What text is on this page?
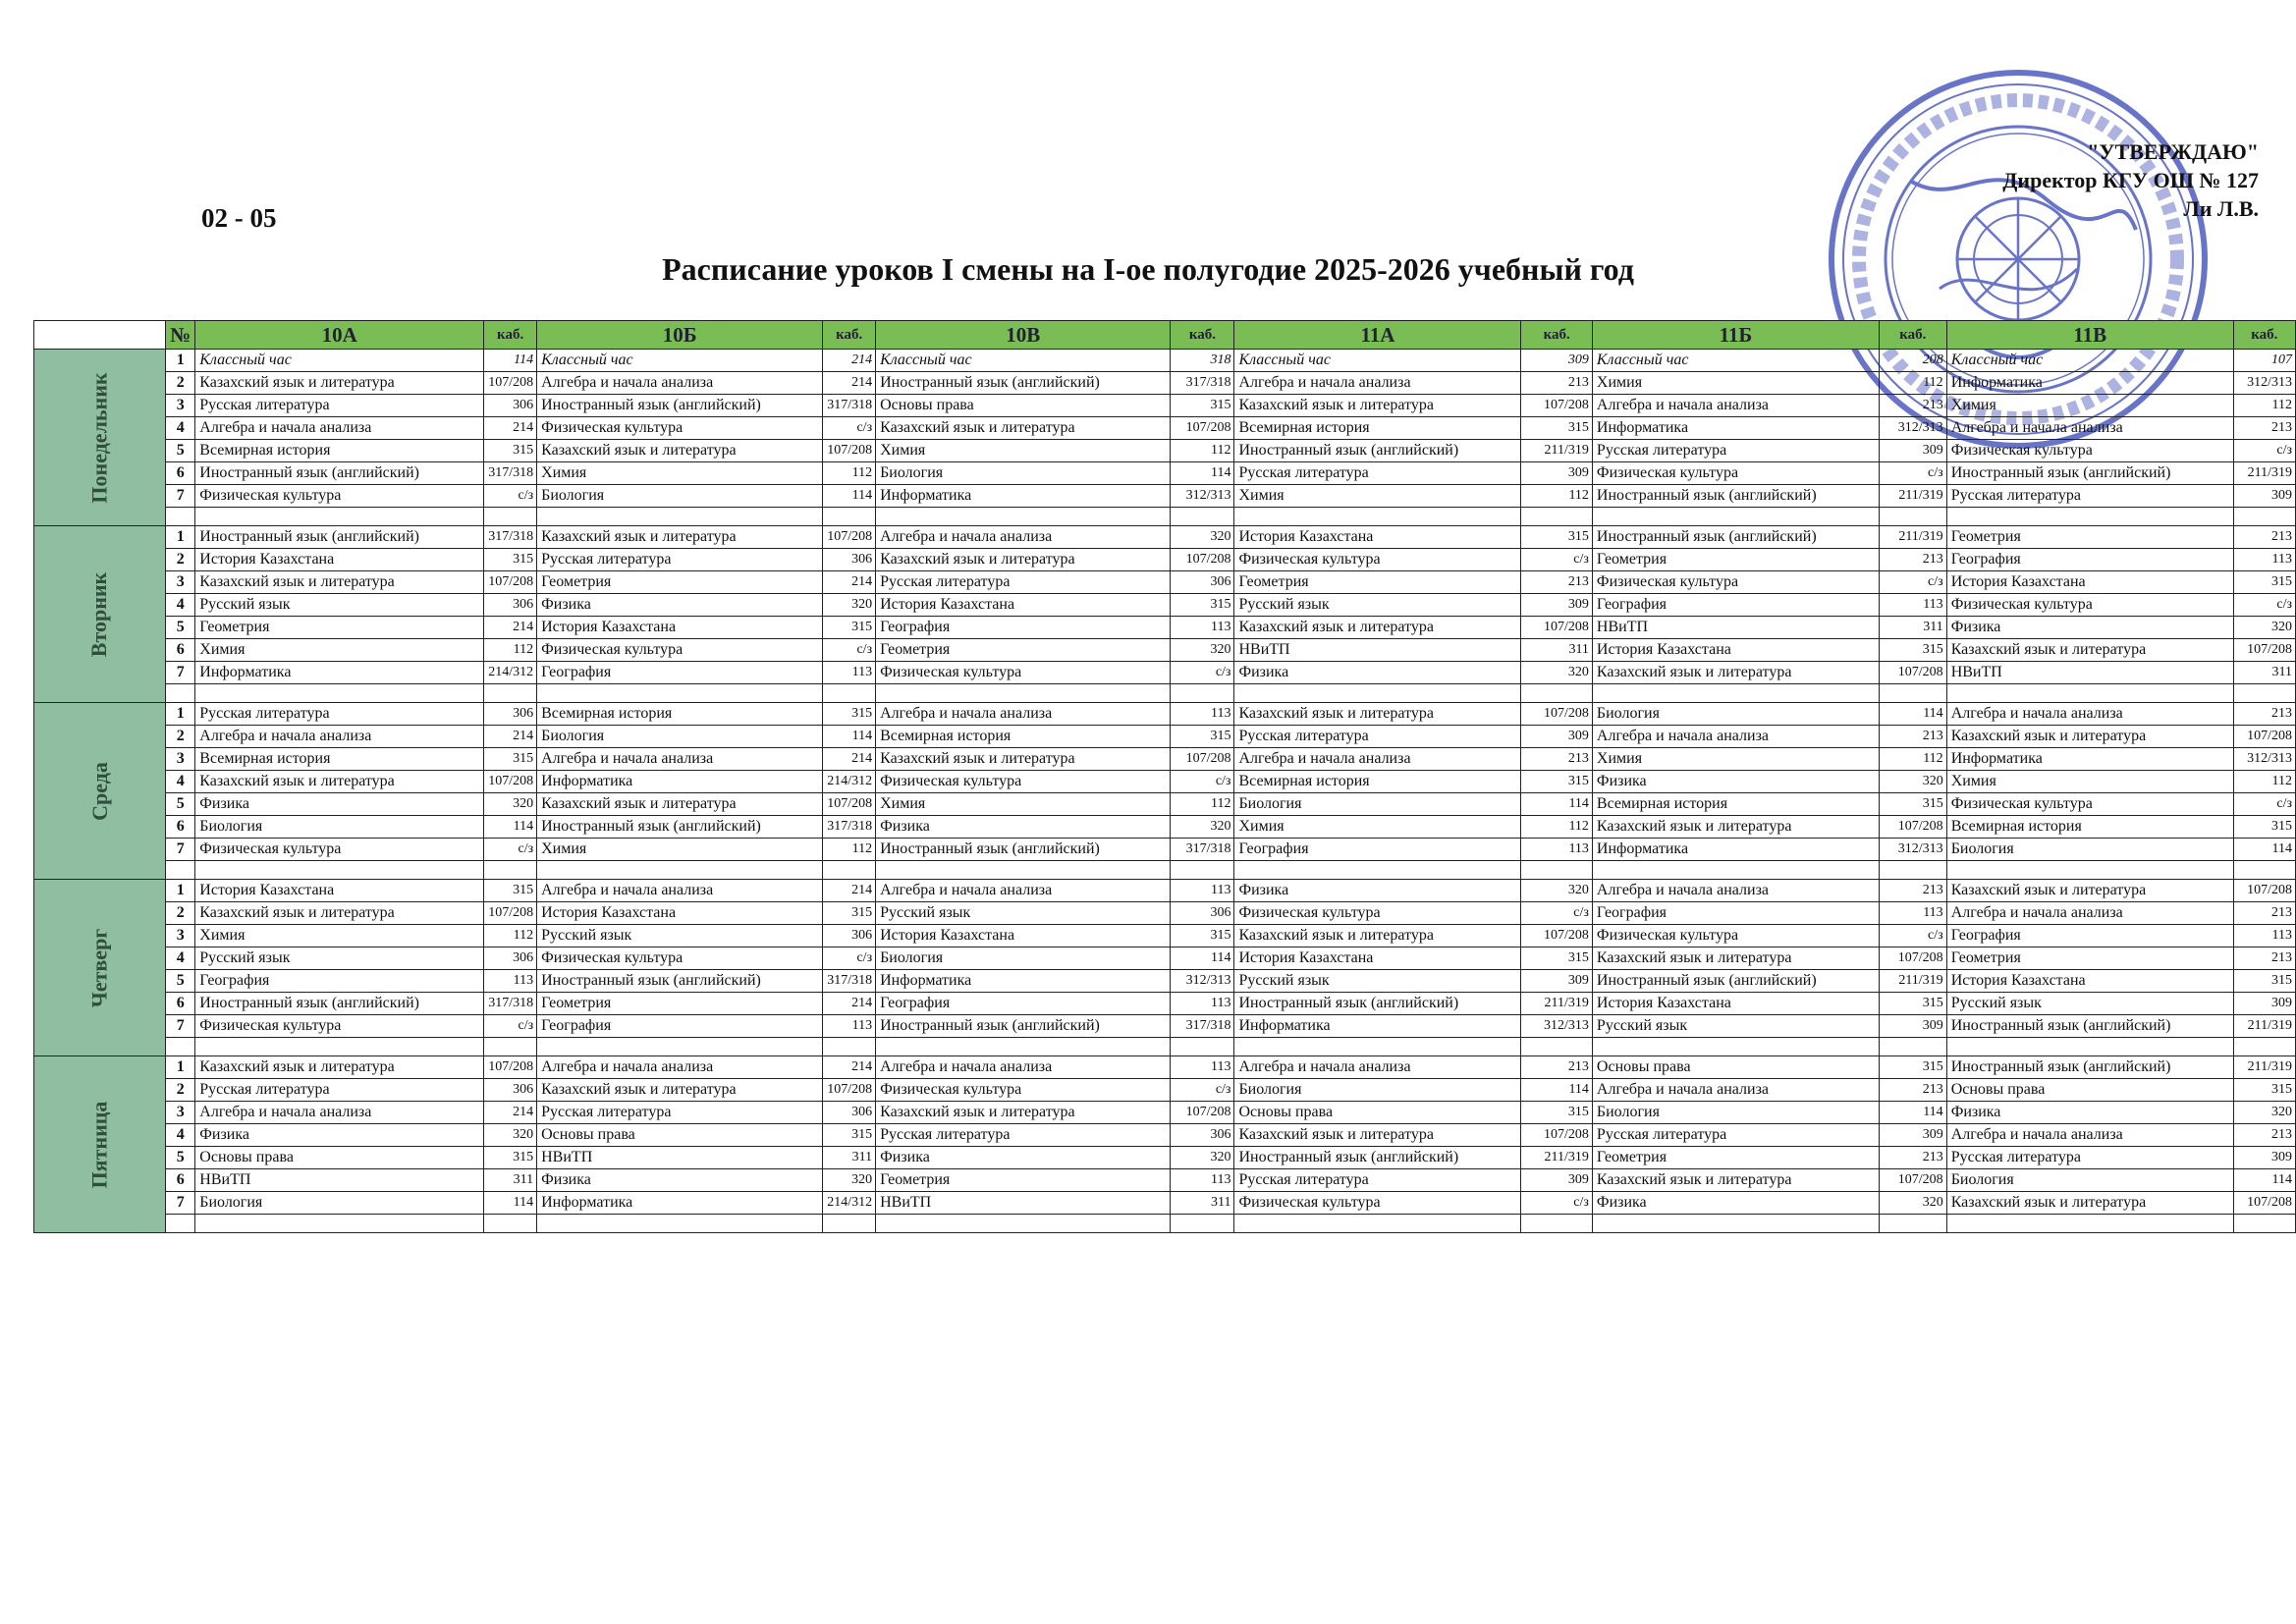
02 - 05
Расписание уроков I смены на I-ое полугодие 2025-2026 учебный год
"УТВЕРЖДАЮ"
Директор КГУ ОШ № 127
Ли Л.В.
	№	10А	каб.	10Б	каб.	10В	каб.	11А	каб.	11Б	каб.	11В	каб.
Понедельник	1	Классный час	114	Классный час	214	Классный час	318	Классный час	309	Классный час	208	Классный час	107
	2	Казахский язык и литература	107/208	Алгебра и начала анализа	214	Иностранный язык (английский)	317/318	Алгебра и начала анализа	213	Химия	112	Информатика	312/313
	3	Русская литература	306	Иностранный язык (английский)	317/318	Основы права	315	Казахский язык и литература	107/208	Алгебра и начала анализа	213	Химия	112
	4	Алгебра и начала анализа	214	Физическая культура	с/з	Казахский язык и литература	107/208	Всемирная история	315	Информатика	312/313	Алгебра и начала анализа	213
	5	Всемирная история	315	Казахский язык и литература	107/208	Химия	112	Иностранный язык (английский)	211/319	Русская литература	309	Физическая культура	с/з
	6	Иностранный язык (английский)	317/318	Химия	112	Биология	114	Русская литература	309	Физическая культура	с/з	Иностранный язык (английский)	211/319
	7	Физическая культура	с/з	Биология	114	Информатика	312/313	Химия	112	Иностранный язык (английский)	211/319	Русская литература	309

Вторник	1	Иностранный язык (английский)	317/318	Казахский язык и литература	107/208	Алгебра и начала анализа	320	История Казахстана	315	Иностранный язык (английский)	211/319	Геометрия	213
	2	История Казахстана	315	Русская литература	306	Казахский язык и литература	107/208	Физическая культура	с/з	Геометрия	213	География	113
	3	Казахский язык и литература	107/208	Геометрия	214	Русская литература	306	Геометрия	213	Физическая культура	с/з	История Казахстана	315
	4	Русский язык	306	Физика	320	История Казахстана	315	Русский язык	309	География	113	Физическая культура	с/з
	5	Геометрия	214	История Казахстана	315	География	113	Казахский язык и литература	107/208	НВиТП	311	Физика	320
	6	Химия	112	Физическая культура	с/з	Геометрия	320	НВиТП	311	История Казахстана	315	Казахский язык и литература	107/208
	7	Информатика	214/312	География	113	Физическая культура	с/з	Физика	320	Казахский язык и литература	107/208	НВиТП	311

Среда	1	Русская литература	306	Всемирная история	315	Алгебра и начала анализа	113	Казахский язык и литература	107/208	Биология	114	Алгебра и начала анализа	213
	2	Алгебра и начала анализа	214	Биология	114	Всемирная история	315	Русская литература	309	Алгебра и начала анализа	213	Казахский язык и литература	107/208
	3	Всемирная история	315	Алгебра и начала анализа	214	Казахский язык и литература	107/208	Алгебра и начала анализа	213	Химия	112	Информатика	312/313
	4	Казахский язык и литература	107/208	Информатика	214/312	Физическая культура	с/з	Всемирная история	315	Физика	320	Химия	112
	5	Физика	320	Казахский язык и литература	107/208	Химия	112	Биология	114	Всемирная история	315	Физическая культура	с/з
	6	Биология	114	Иностранный язык (английский)	317/318	Физика	320	Химия	112	Казахский язык и литература	107/208	Всемирная история	315
	7	Физическая культура	с/з	Химия	112	Иностранный язык (английский)	317/318	География	113	Информатика	312/313	Биология	114

Четверг	1	История Казахстана	315	Алгебра и начала анализа	214	Алгебра и начала анализа	113	Физика	320	Алгебра и начала анализа	213	Казахский язык и литература	107/208
	2	Казахский язык и литература	107/208	История Казахстана	315	Русский язык	306	Физическая культура	с/з	География	113	Алгебра и начала анализа	213
	3	Химия	112	Русский язык	306	История Казахстана	315	Казахский язык и литература	107/208	Физическая культура	с/з	География	113
	4	Русский язык	306	Физическая культура	с/з	Биология	114	История Казахстана	315	Казахский язык и литература	107/208	Геометрия	213
	5	География	113	Иностранный язык (английский)	317/318	Информатика	312/313	Русский язык	309	Иностранный язык (английский)	211/319	История Казахстана	315
	6	Иностранный язык (английский)	317/318	Геометрия	214	География	113	Иностранный язык (английский)	211/319	История Казахстана	315	Русский язык	309
	7	Физическая культура	с/з	География	113	Иностранный язык (английский)	317/318	Информатика	312/313	Русский язык	309	Иностранный язык (английский)	211/319

Пятница	1	Казахский язык и литература	107/208	Алгебра и начала анализа	214	Алгебра и начала анализа	113	Алгебра и начала анализа	213	Основы права	315	Иностранный язык (английский)	211/319
	2	Русская литература	306	Казахский язык и литература	107/208	Физическая культура	с/з	Биология	114	Алгебра и начала анализа	213	Основы права	315
	3	Алгебра и начала анализа	214	Русская литература	306	Казахский язык и литература	107/208	Основы права	315	Биология	114	Физика	320
	4	Физика	320	Основы права	315	Русская литература	306	Казахский язык и литература	107/208	Русская литература	309	Алгебра и начала анализа	213
	5	Основы права	315	НВиТП	311	Физика	320	Иностранный язык (английский)	211/319	Геометрия	213	Русская литература	309
	6	НВиТП	311	Физика	320	Геометрия	113	Русская литература	309	Казахский язык и литература	107/208	Биология	114
	7	Биология	114	Информатика	214/312	НВиТП	311	Физическая культура	с/з	Физика	320	Казахский язык и литература	107/208
